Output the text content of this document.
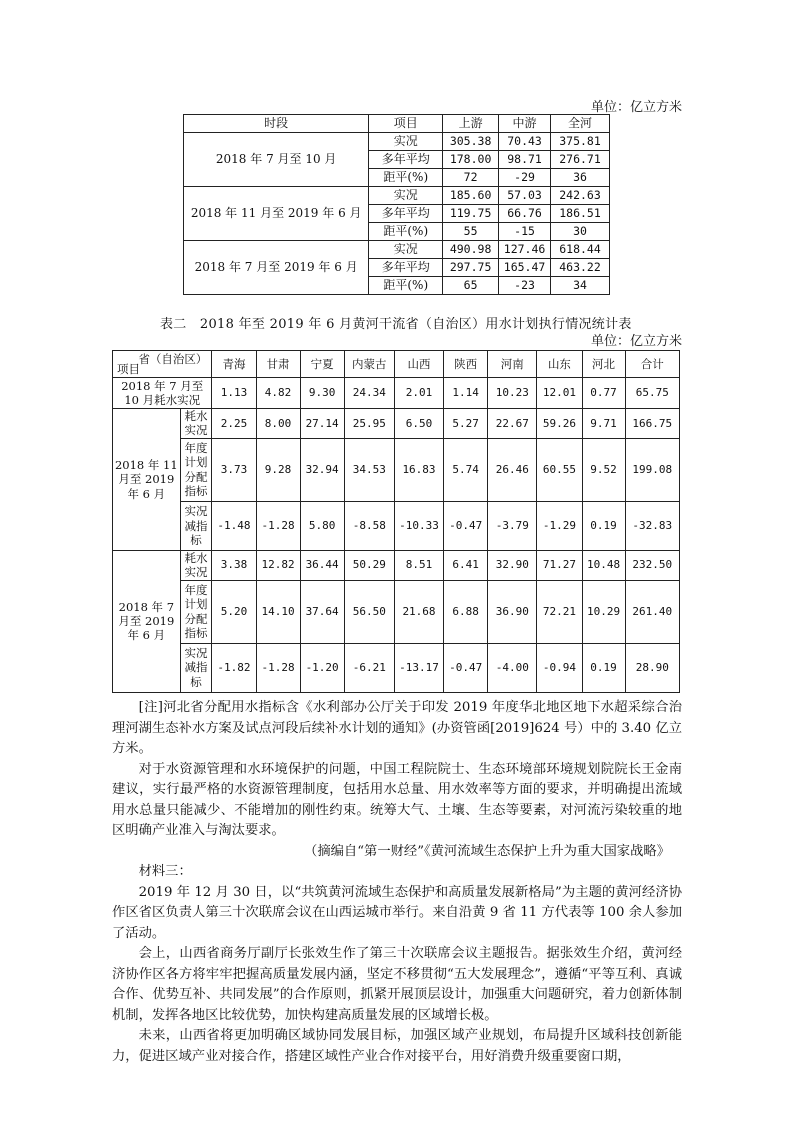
单位：亿立方米
时段	项目	上游	中游	全河
2018 年 7 月至 10 月	实况	305.38	70.43	375.81
	多年平均	178.00	98.71	276.71
	距平(%)	72	-29	36
2018 年 11 月至 2019 年 6 月	实况	185.60	57.03	242.63
	多年平均	119.75	66.76	186.51
	距平(%)	55	-15	30
2018 年 7 月至 2019 年 6 月	实况	490.98	127.46	618.44
	多年平均	297.75	165.47	463.22
	距平(%)	65	-23	34
表二　2018 年至 2019 年 6 月黄河干流省（自治区）用水计划执行情况统计表
单位：亿立方米
省（自治区）
项目		青海	甘肃	宁夏	内蒙古	山西	陕西	河南	山东	河北	合计
2018 年 7 月至 10 月耗水实况		1.13	4.82	9.30	24.34	2.01	1.14	10.23	12.01	0.77	65.75
2018 年 11 月至 2019 年 6 月	耗水实况	2.25	8.00	27.14	25.95	6.50	5.27	22.67	59.26	9.71	166.75
	年度计划分配指标	3.73	9.28	32.94	34.53	16.83	5.74	26.46	60.55	9.52	199.08
	实况减指标	-1.48	-1.28	5.80	-8.58	-10.33	-0.47	-3.79	-1.29	0.19	-32.83
2018 年 7 月至 2019 年 6 月	耗水实况	3.38	12.82	36.44	50.29	8.51	6.41	32.90	71.27	10.48	232.50
	年度计划分配指标	5.20	14.10	37.64	56.50	21.68	6.88	36.90	72.21	10.29	261.40
	实况减指标	-1.82	-1.28	-1.20	-6.21	-13.17	-0.47	-4.00	-0.94	0.19	28.90

[注]河北省分配用水指标含《水利部办公厅关于印发 2019 年度华北地区地下水超采综合治理河湖生态补水方案及试点河段后续补水计划的通知》(办资管函[2019]624 号）中的 3.40 亿立方米。

对于水资源管理和水环境保护的问题，中国工程院院士、生态环境部环境规划院院长王金南建议，实行最严格的水资源管理制度，包括用水总量、用水效率等方面的要求，并明确提出流域用水总量只能减少、不能增加的刚性约束。统筹大气、土壤、生态等要素，对河流污染较重的地区明确产业准入与淘汰要求。

（摘编自“第一财经”《黄河流域生态保护上升为重大国家战略》

材料三：

2019 年 12 月 30 日，以“共筑黄河流域生态保护和高质量发展新格局”为主题的黄河经济协作区省区负责人第三十次联席会议在山西运城市举行。来自沿黄 9 省 11 方代表等 100 余人参加了活动。

会上，山西省商务厅副厅长张效生作了第三十次联席会议主题报告。据张效生介绍，黄河经济协作区各方将牢牢把握高质量发展内涵，坚定不移贯彻“五大发展理念”，遵循“平等互利、真诚合作、优势互补、共同发展”的合作原则，抓紧开展顶层设计，加强重大问题研究，着力创新体制机制，发挥各地区比较优势，加快构建高质量发展的区域增长极。

未来，山西省将更加明确区域协同发展目标，加强区域产业规划，布局提升区域科技创新能力，促进区域产业对接合作，搭建区域性产业合作对接平台，用好消费升级重要窗口期，
